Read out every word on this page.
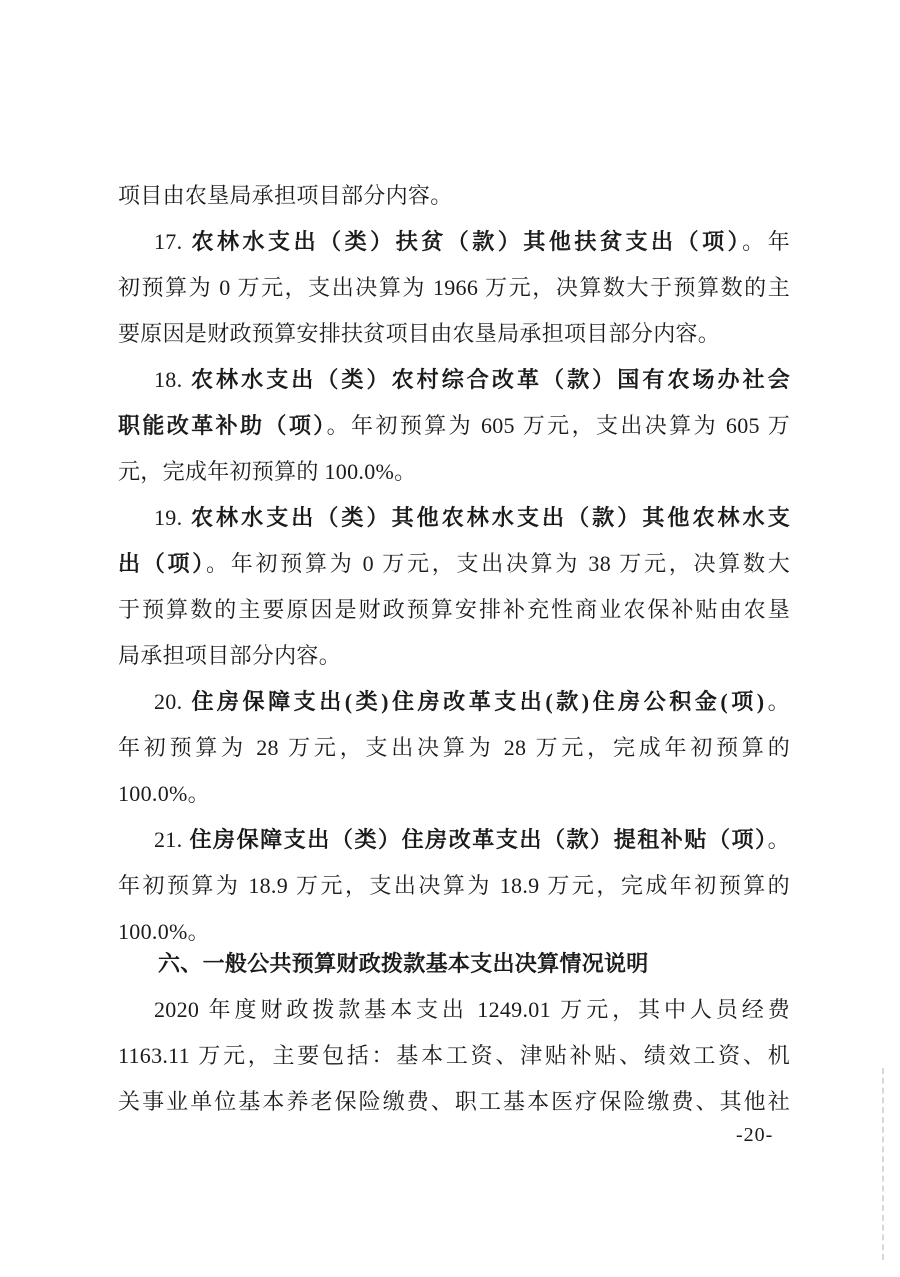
项目由农垦局承担项目部分内容。
17. 农林水支出（类）扶贫（款）其他扶贫支出（项）。年
初预算为 0 万元，支出决算为 1966 万元，决算数大于预算数的主
要原因是财政预算安排扶贫项目由农垦局承担项目部分内容。
18. 农林水支出（类）农村综合改革（款）国有农场办社会
职能改革补助（项）。年初预算为 605 万元，支出决算为 605 万
元，完成年初预算的 100.0%。
19. 农林水支出（类）其他农林水支出（款）其他农林水支
出（项）。年初预算为 0 万元，支出决算为 38 万元，决算数大
于预算数的主要原因是财政预算安排补充性商业农保补贴由农垦
局承担项目部分内容。
20. 住房保障支出(类)住房改革支出(款)住房公积金(项)。
年初预算为 28 万元，支出决算为 28 万元，完成年初预算的
100.0%。
21. 住房保障支出（类）住房改革支出（款）提租补贴（项）。
年初预算为 18.9 万元，支出决算为 18.9 万元，完成年初预算的
100.0%。
六、一般公共预算财政拨款基本支出决算情况说明
2020 年度财政拨款基本支出 1249.01 万元，其中人员经费
1163.11 万元，主要包括：基本工资、津贴补贴、绩效工资、机
关事业单位基本养老保险缴费、职工基本医疗保险缴费、其他社
-20-
